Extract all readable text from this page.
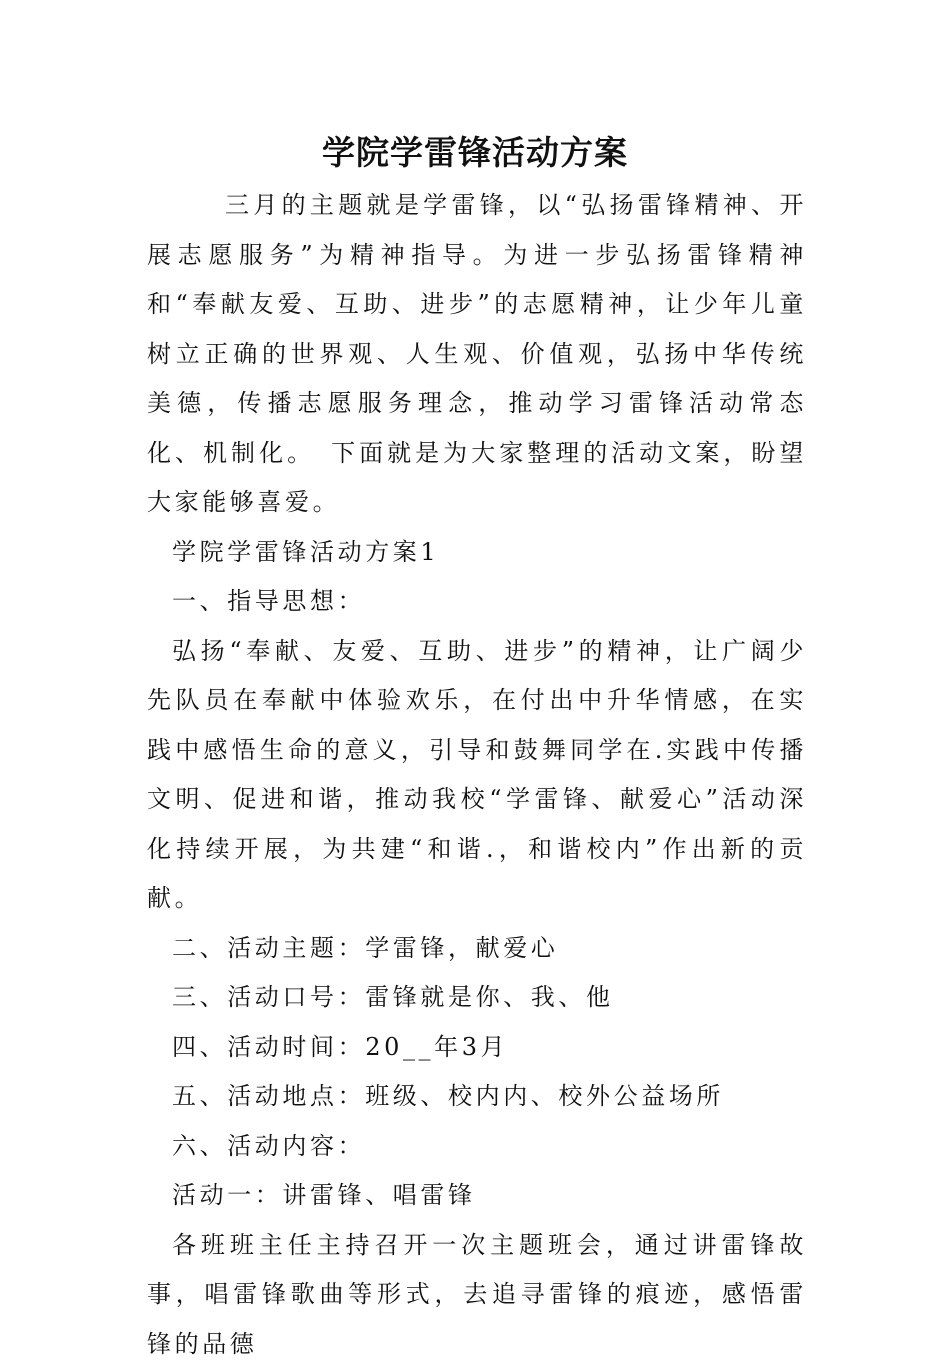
学院学雷锋活动方案

三月的主题就是学雷锋，以“弘扬雷锋精神、开展志愿服务”为精神指导。为进一步弘扬雷锋精神和“奉献友爱、互助、进步”的志愿精神，让少年儿童树立正确的世界观、人生观、价值观，弘扬中华传统美德，传播志愿服务理念，推动学习雷锋活动常态化、机制化。　下面就是为大家整理的活动文案，盼望大家能够喜爱。

学院学雷锋活动方案1

一、指导思想：

弘扬“奉献、友爱、互助、进步”的精神，让广阔少先队员在奉献中体验欢乐，在付出中升华情感，在实践中感悟生命的意义，引导和鼓舞同学在.实践中传播文明、促进和谐，推动我校“学雷锋、献爱心”活动深化持续开展，为共建“和谐.，和谐校内”作出新的贡献。

二、活动主题：学雷锋，献爱心

三、活动口号：雷锋就是你、我、他

四、活动时间：20__年3月

五、活动地点：班级、校内内、校外公益场所

六、活动内容：

活动一：讲雷锋、唱雷锋

各班班主任主持召开一次主题班会，通过讲雷锋故事，唱雷锋歌曲等形式，去追寻雷锋的痕迹，感悟雷锋的品德
